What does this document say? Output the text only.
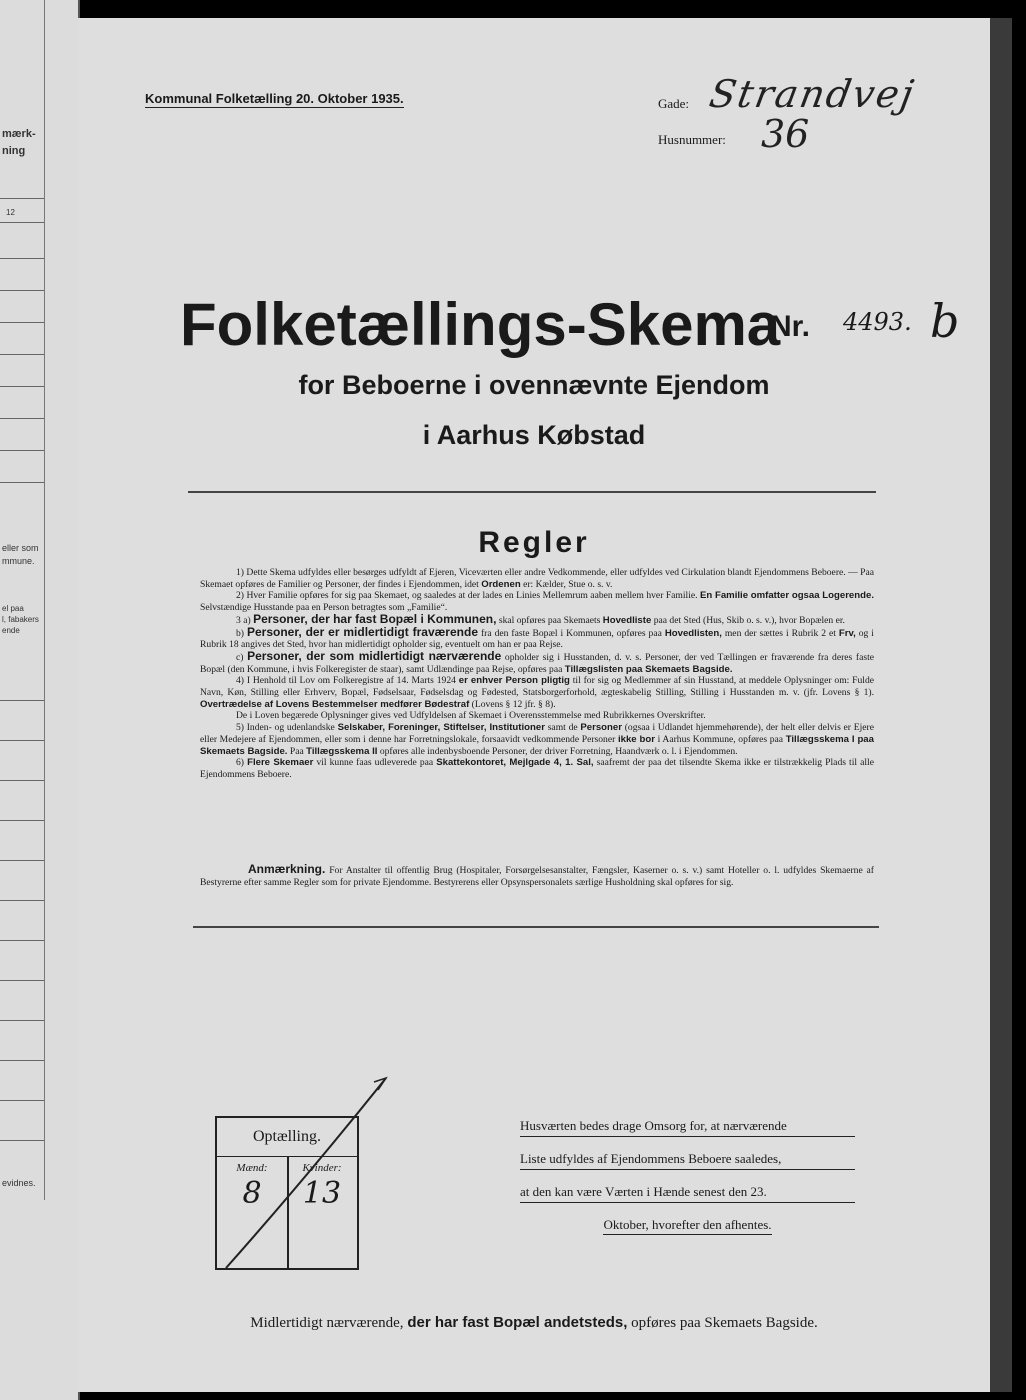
mærk-
ning
12
eller som
mmune.
el paa
l, fabakers
ende
evidnes.
Kommunal Folketælling 20. Oktober 1935.	Gade: Strandvej
Husnummer: 36
Folketællings-Skema
Nr. 4493. b
for Beboerne i ovennævnte Ejendom
i Aarhus Købstad
Regler

1) Dette Skema udfyldes eller besørges udfyldt af Ejeren, Viceværten eller andre Vedkommende, eller udfyldes ved Cirkulation blandt Ejendommens Beboere. — Paa Skemaet opføres de Familier og Personer, der findes i Ejendommen, idet Ordenen er: Kælder, Stue o. s. v.

2) Hver Familie opføres for sig paa Skemaet, og saaledes at der lades en Linies Mellemrum aaben mellem hver Familie. En Familie omfatter ogsaa Logerende. Selvstændige Husstande paa en Person betragtes som „Familie“.

3 a) Personer, der har fast Bopæl i Kommunen, skal opføres paa Skemaets Hovedliste paa det Sted (Hus, Skib o. s. v.), hvor Bopælen er.

b) Personer, der er midlertidigt fraværende fra den faste Bopæl i Kommunen, opføres paa Hovedlisten, men der sættes i Rubrik 2 et Frv, og i Rubrik 18 angives det Sted, hvor han midlertidigt opholder sig, eventuelt om han er paa Rejse.

c) Personer, der som midlertidigt nærværende opholder sig i Husstanden, d. v. s. Personer, der ved Tællingen er fraværende fra deres faste Bopæl (den Kommune, i hvis Folkeregister de staar), samt Udlændinge paa Rejse, opføres paa Tillægslisten paa Skemaets Bagside.

4) I Henhold til Lov om Folkeregistre af 14. Marts 1924 er enhver Person pligtig til for sig og Medlemmer af sin Husstand, at meddele Oplysninger om: Fulde Navn, Køn, Stilling eller Erhverv, Bopæl, Fødselsaar, Fødselsdag og Fødested, Statsborgerforhold, ægteskabelig Stilling, Stilling i Husstanden m. v. (jfr. Lovens § 1). Overtrædelse af Lovens Bestemmelser medfører Bødestraf (Lovens § 12 jfr. § 8).

De i Loven begærede Oplysninger gives ved Udfyldelsen af Skemaet i Overensstemmelse med Rubrikkernes Overskrifter.

5) Inden- og udenlandske Selskaber, Foreninger, Stiftelser, Institutioner samt de Personer (ogsaa i Udlandet hjemmehørende), der helt eller delvis er Ejere eller Medejere af Ejendommen, eller som i denne har Forretningslokale, forsaavidt vedkommende Personer ikke bor i Aarhus Kommune, opføres paa Tillægsskema I paa Skemaets Bagside. Paa Tillægsskema II opføres alle indenbysboende Personer, der driver Forretning, Haandværk o. l. i Ejendommen.

6) Flere Skemaer vil kunne faas udleverede paa Skattekontoret, Mejlgade 4, 1. Sal, saafremt der paa det tilsendte Skema ikke er tilstrækkelig Plads til alle Ejendommens Beboere.

Anmærkning. For Anstalter til offentlig Brug (Hospitaler, Forsørgelsesanstalter, Fængsler, Kaserner o. s. v.) samt Hoteller o. l. udfyldes Skemaerne af Bestyrerne efter samme Regler som for private Ejendomme. Bestyrerens eller Opsynspersonalets særlige Husholdning skal opføres for sig.

Optælling.
Mænd:	Kvinder:
8	13
Husværten bedes drage Omsorg for, at nærværende
Liste udfyldes af Ejendommens Beboere saaledes,
at den kan være Værten i Hænde senest den 23.
Oktober, hvorefter den afhentes.
Midlertidigt nærværende, der har fast Bopæl andetsteds, opføres paa Skemaets Bagside.
